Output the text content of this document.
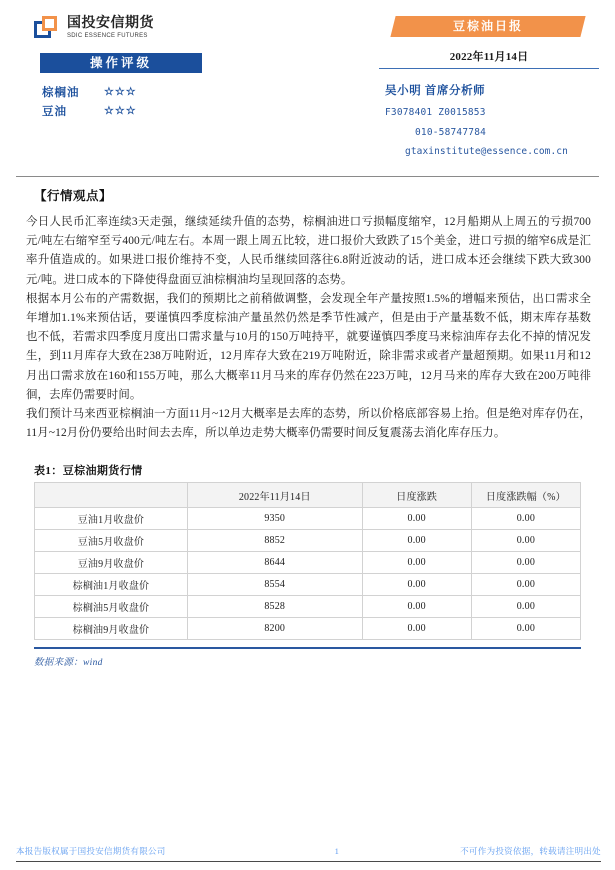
国投安信期货
SDIC ESSENCE FUTURES
操作评级
棕榈油	☆☆☆
豆油	☆☆☆
豆棕油日报
2022年11月14日
吴小明 首席分析师
F3078401 Z0015853
010-58747784
gtaxinstitute@essence.com.cn
【行情观点】

今日人民币汇率连续3天走强，继续延续升值的态势，棕榈油进口亏损幅度缩窄，12月船期从上周五的亏损700元/吨左右缩窄至亏400元/吨左右。本周一跟上周五比较，进口报价大致跌了15个美金，进口亏损的缩窄6成是汇率升值造成的。如果进口报价维持不变，人民币继续回落往6.8附近波动的话，进口成本还会继续下跌大致300元/吨。进口成本的下降使得盘面豆油棕榈油均呈现回落的态势。

根据本月公布的产需数据，我们的预期比之前稍做调整，会发现全年产量按照1.5%的增幅来预估，出口需求全年增加1.1%来预估话，要谨慎四季度棕油产量虽然仍然是季节性减产，但是由于产量基数不低，期末库存基数也不低，若需求四季度月度出口需求量与10月的150万吨持平，就要谨慎四季度马来棕油库存去化不掉的情况发生，到11月库存大致在238万吨附近，12月库存大致在219万吨附近，除非需求或者产量超预期。如果11月和12月出口需求放在160和155万吨，那么大概率11月马来的库存仍然在223万吨，12月马来的库存大致在200万吨徘徊，去库仍需要时间。

我们预计马来西亚棕榈油一方面11月~12月大概率是去库的态势，所以价格底部容易上抬。但是绝对库存仍在，11月~12月份仍要给出时间去去库，所以单边走势大概率仍需要时间反复震荡去消化库存压力。

表1：豆棕油期货行情
	2022年11月14日	日度涨跌	日度涨跌幅（%）
豆油1月收盘价	9350	0.00	0.00
豆油5月收盘价	8852	0.00	0.00
豆油9月收盘价	8644	0.00	0.00
棕榈油1月收盘价	8554	0.00	0.00
棕榈油5月收盘价	8528	0.00	0.00
棕榈油9月收盘价	8200	0.00	0.00
数据来源：wind
本报告版权属于国投安信期货有限公司	1	不可作为投资依据，转载请注明出处
